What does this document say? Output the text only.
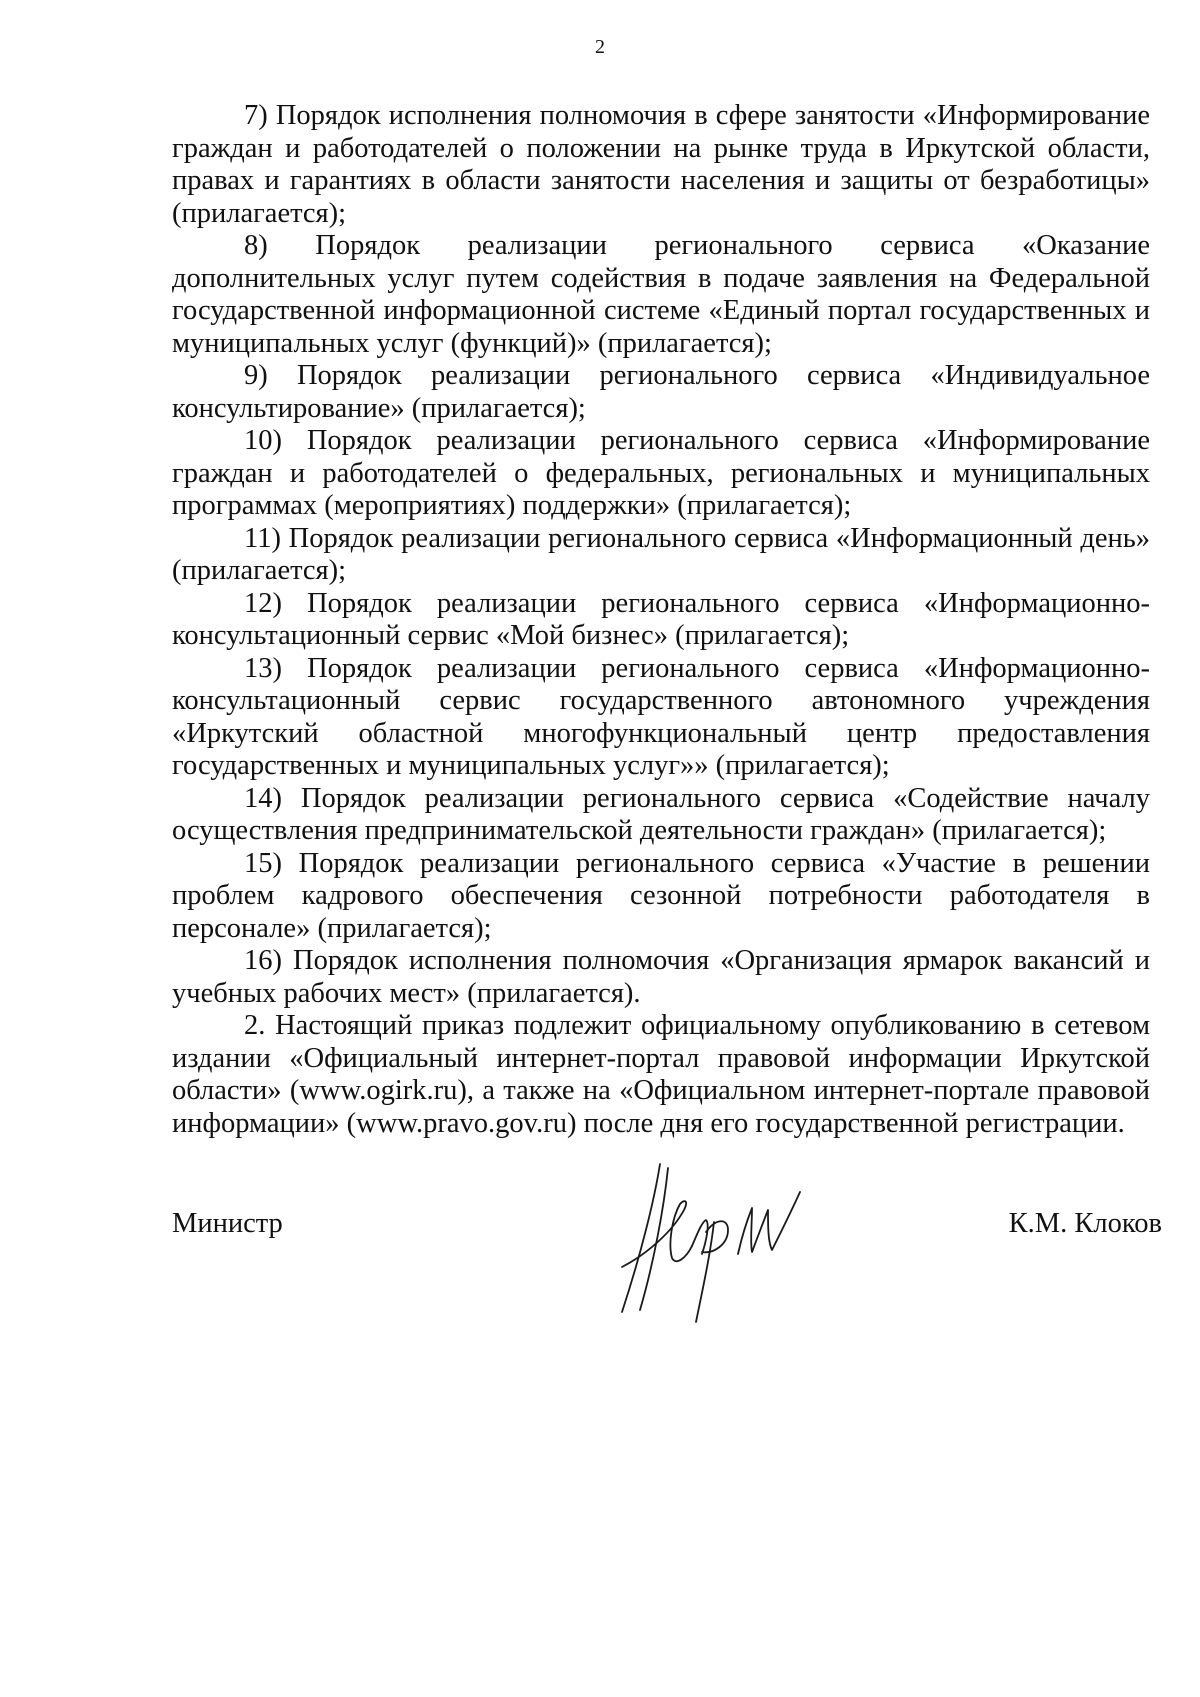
2

7) Порядок исполнения полномочия в сфере занятости «Информирование граждан и работодателей о положении на рынке труда в Иркутской области, правах и гарантиях в области занятости населения и защиты от безработицы» (прилагается);

8) Порядок реализации регионального сервиса «Оказание дополнительных услуг путем содействия в подаче заявления на Федеральной государственной информационной системе «Единый портал государственных и муниципальных услуг (функций)» (прилагается);

9) Порядок реализации регионального сервиса «Индивидуальное консультирование» (прилагается);

10) Порядок реализации регионального сервиса «Информирование граждан и работодателей о федеральных, региональных и муниципальных программах (мероприятиях) поддержки» (прилагается);

11) Порядок реализации регионального сервиса «Информационный день» (прилагается);

12) Порядок реализации регионального сервиса «Информационно-консультационный сервис «Мой бизнес» (прилагается);

13) Порядок реализации регионального сервиса «Информационно-консультационный сервис государственного автономного учреждения «Иркутский областной многофункциональный центр предоставления государственных и муниципальных услуг»» (прилагается);

14) Порядок реализации регионального сервиса «Содействие началу осуществления предпринимательской деятельности граждан» (прилагается);

15) Порядок реализации регионального сервиса «Участие в решении проблем кадрового обеспечения сезонной потребности работодателя в персонале» (прилагается);

16) Порядок исполнения полномочия «Организация ярмарок вакансий и учебных рабочих мест» (прилагается).

2. Настоящий приказ подлежит официальному опубликованию в сетевом издании «Официальный интернет-портал правовой информации Иркутской области» (www.ogirk.ru), а также на «Официальном интернет-портале правовой информации» (www.pravo.gov.ru) после дня его государственной регистрации.

Министр	К.М. Клоков
